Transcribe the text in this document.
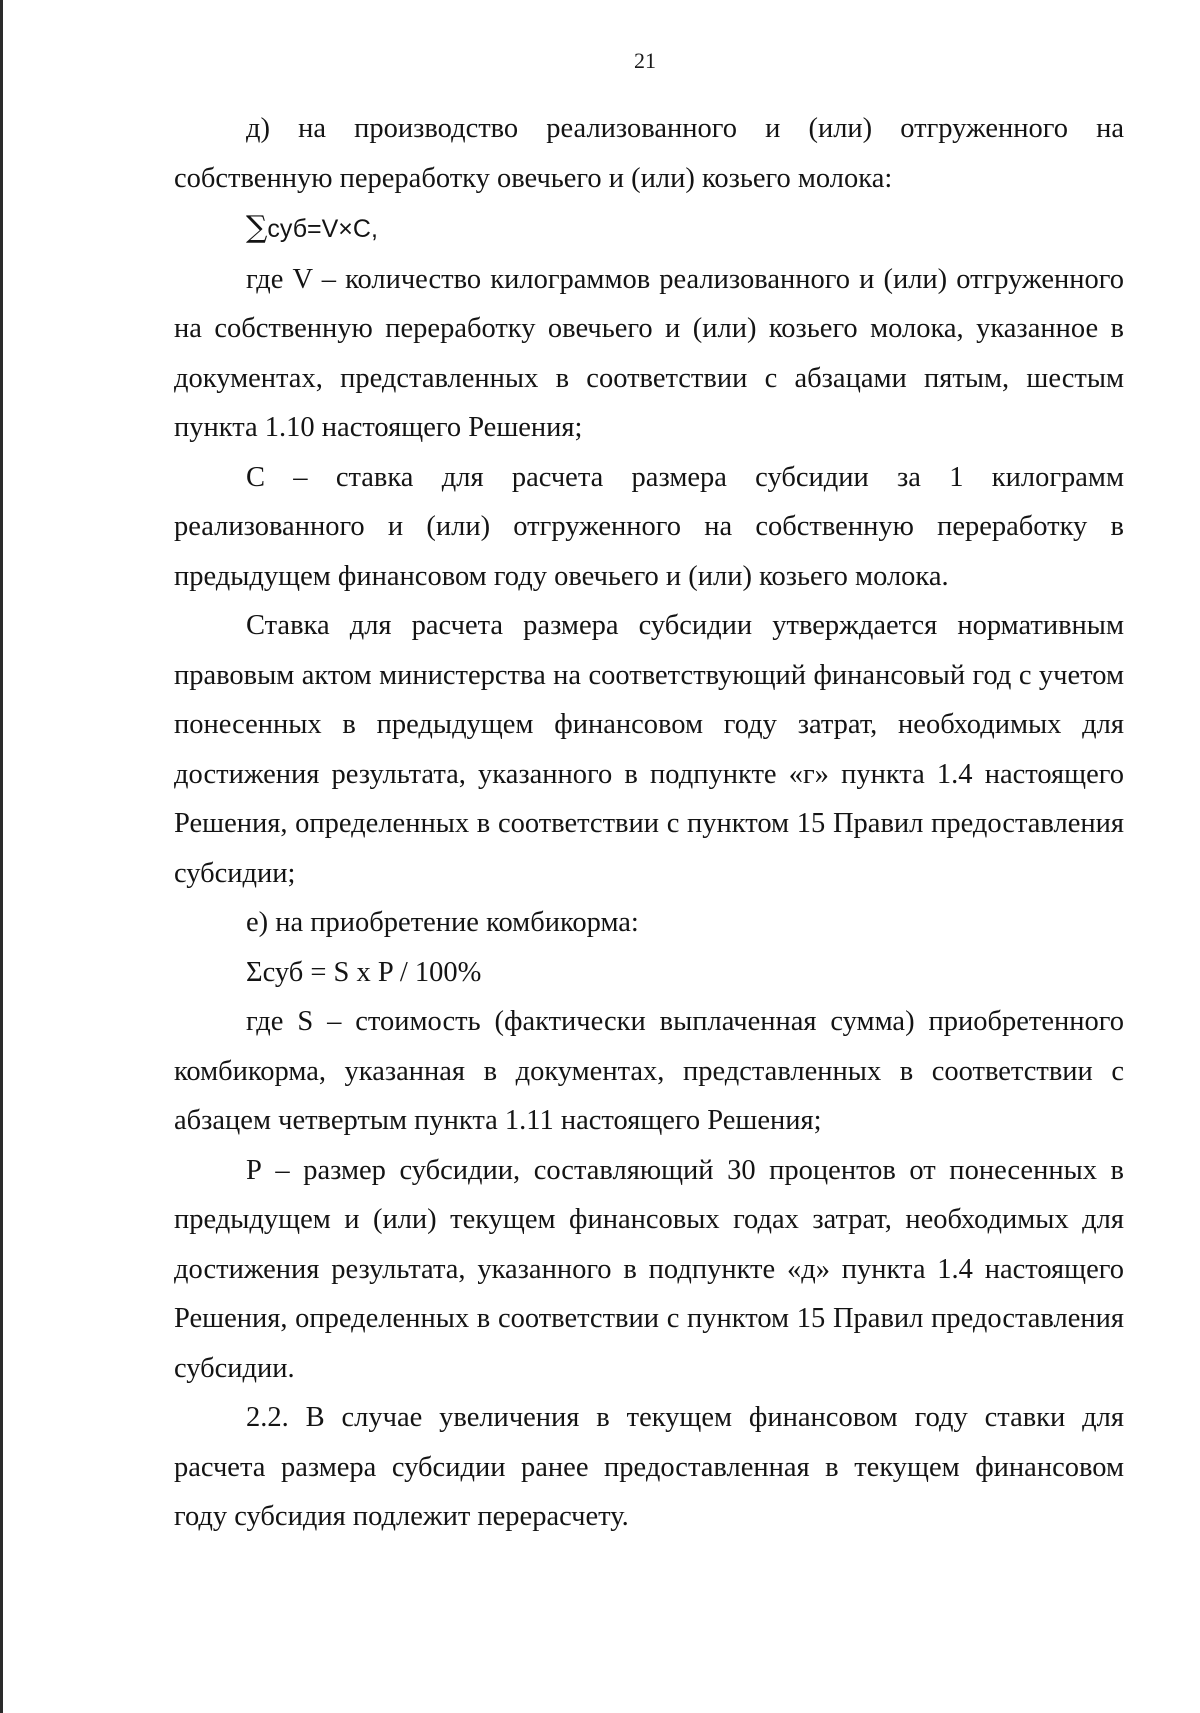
21

д) на производство реализованного и (или) отгруженного на собственную переработку овечьего и (или) козьего молока:

∑суб=V×C,

где V – количество килограммов реализованного и (или) отгруженного на собственную переработку овечьего и (или) козьего молока, указанное в документах, представленных в соответствии с абзацами пятым, шестым пункта 1.10 настоящего Решения;

С – ставка для расчета размера субсидии за 1 килограмм реализованного и (или) отгруженного на собственную переработку в предыдущем финансовом году овечьего и (или) козьего молока.

Ставка для расчета размера субсидии утверждается нормативным правовым актом министерства на соответствующий финансовый год с учетом понесенных в предыдущем финансовом году затрат, необходимых для достижения результата, указанного в подпункте «г» пункта 1.4 настоящего Решения, определенных в соответствии с пунктом 15 Правил предоставления субсидии;

е) на приобретение комбикорма:

Σсуб = S x P / 100%

где S – стоимость (фактически выплаченная сумма) приобретенного комбикорма, указанная в документах, представленных в соответствии с абзацем четвертым пункта 1.11 настоящего Решения;

Р – размер субсидии, составляющий 30 процентов от понесенных в предыдущем и (или) текущем финансовых годах затрат, необходимых для достижения результата, указанного в подпункте «д» пункта 1.4 настоящего Решения, определенных в соответствии с пунктом 15 Правил предоставления субсидии.

2.2. В случае увеличения в текущем финансовом году ставки для расчета размера субсидии ранее предоставленная в текущем финансовом году субсидия подлежит перерасчету.
